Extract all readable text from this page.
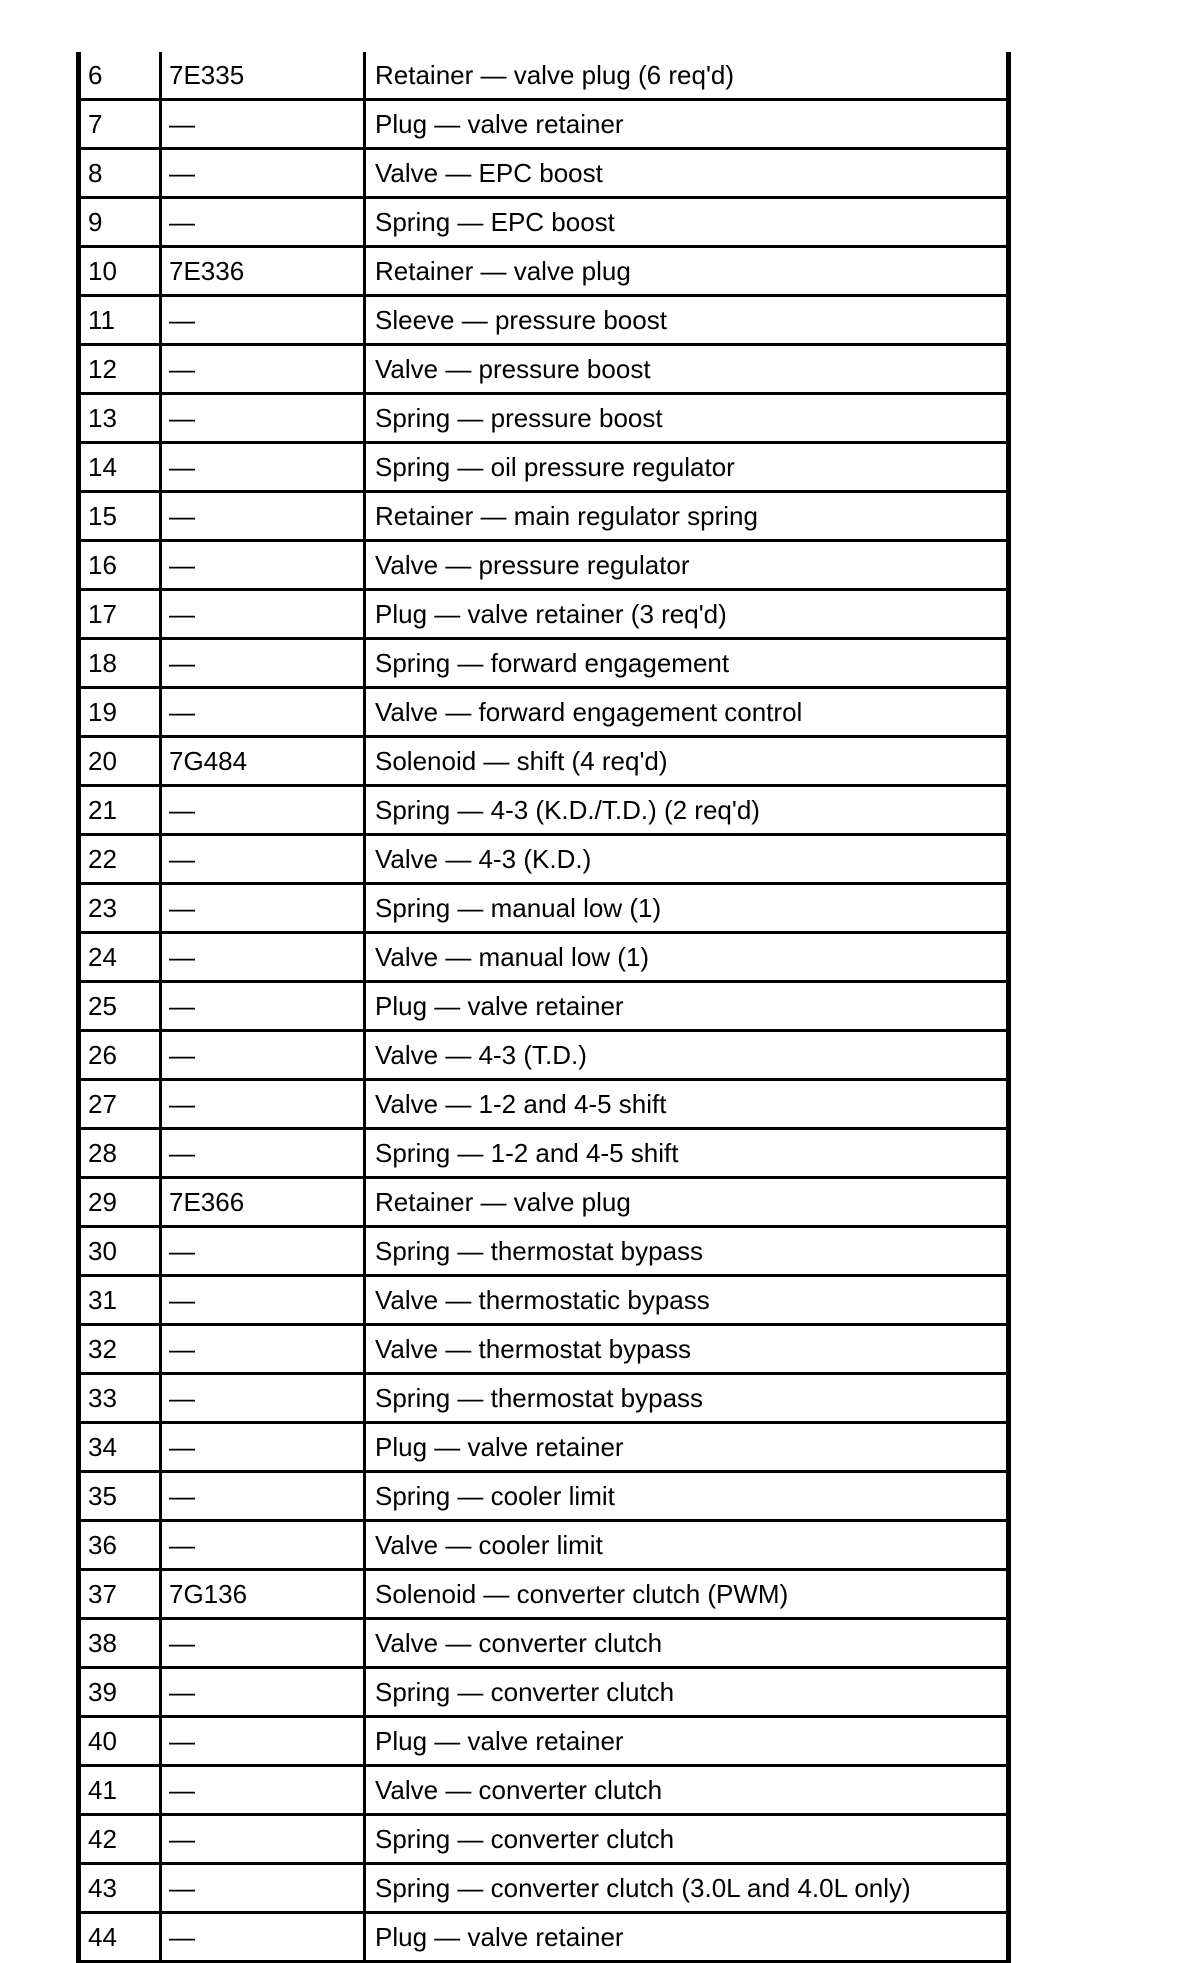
6	7E335	Retainer — valve plug (6 req'd)
7	—	Plug — valve retainer
8	—	Valve — EPC boost
9	—	Spring — EPC boost
10	7E336	Retainer — valve plug
11	—	Sleeve — pressure boost
12	—	Valve — pressure boost
13	—	Spring — pressure boost
14	—	Spring — oil pressure regulator
15	—	Retainer — main regulator spring
16	—	Valve — pressure regulator
17	—	Plug — valve retainer (3 req'd)
18	—	Spring — forward engagement
19	—	Valve — forward engagement control
20	7G484	Solenoid — shift (4 req'd)
21	—	Spring — 4-3 (K.D./T.D.) (2 req'd)
22	—	Valve — 4-3 (K.D.)
23	—	Spring — manual low (1)
24	—	Valve — manual low (1)
25	—	Plug — valve retainer
26	—	Valve — 4-3 (T.D.)
27	—	Valve — 1-2 and 4-5 shift
28	—	Spring — 1-2 and 4-5 shift
29	7E366	Retainer — valve plug
30	—	Spring — thermostat bypass
31	—	Valve — thermostatic bypass
32	—	Valve — thermostat bypass
33	—	Spring — thermostat bypass
34	—	Plug — valve retainer
35	—	Spring — cooler limit
36	—	Valve — cooler limit
37	7G136	Solenoid — converter clutch (PWM)
38	—	Valve — converter clutch
39	—	Spring — converter clutch
40	—	Plug — valve retainer
41	—	Valve — converter clutch
42	—	Spring — converter clutch
43	—	Spring — converter clutch (3.0L and 4.0L only)
44	—	Plug — valve retainer
